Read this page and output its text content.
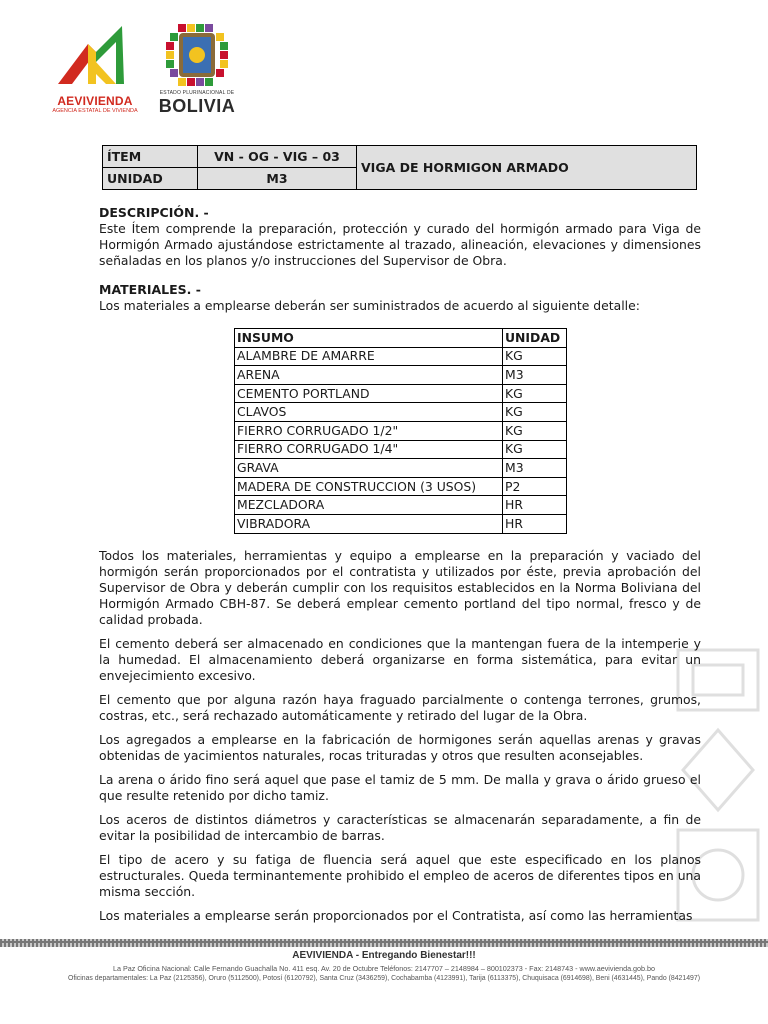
AEVIVIENDA
AGENCIA ESTATAL DE VIVIENDA
ESTADO PLURINACIONAL DE
BOLIVIA
ÍTEM	VN - OG - VIG – 03	VIGA DE HORMIGON ARMADO
UNIDAD	M3	
DESCRIPCIÓN. -

Este Ítem comprende la preparación, protección y curado del hormigón armado para Viga de Hormigón Armado ajustándose estrictamente al trazado, alineación, elevaciones y dimensiones señaladas en los planos y/o instrucciones del Supervisor de Obra.

MATERIALES. -

Los materiales a emplearse deberán ser suministrados de acuerdo al siguiente detalle:

INSUMO	UNIDAD
ALAMBRE DE AMARRE	KG
ARENA	M3
CEMENTO PORTLAND	KG
CLAVOS	KG
FIERRO CORRUGADO 1/2"	KG
FIERRO CORRUGADO 1/4"	KG
GRAVA	M3
MADERA DE CONSTRUCCION (3 USOS)	P2
MEZCLADORA	HR
VIBRADORA	HR

Todos los materiales, herramientas y equipo a emplearse en la preparación y vaciado del hormigón serán proporcionados por el contratista y utilizados por éste, previa aprobación del Supervisor de Obra y deberán cumplir con los requisitos establecidos en la Norma Boliviana del Hormigón Armado CBH-87. Se deberá emplear cemento portland del tipo normal, fresco y de calidad probada.

El cemento deberá ser almacenado en condiciones que la mantengan fuera de la intemperie y la humedad. El almacenamiento deberá organizarse en forma sistemática, para evitar un envejecimiento excesivo.

El cemento que por alguna razón haya fraguado parcialmente o contenga terrones, grumos, costras, etc., será rechazado automáticamente y retirado del lugar de la Obra.

Los agregados a emplearse en la fabricación de hormigones serán aquellas arenas y gravas obtenidas de yacimientos naturales, rocas trituradas y otros que resulten aconsejables.

La arena o árido fino será aquel que pase el tamiz de 5 mm. De malla y grava o árido grueso el que resulte retenido por dicho tamiz.

Los aceros de distintos diámetros y características se almacenarán separadamente, a fin de evitar la posibilidad de intercambio de barras.

El tipo de acero y su fatiga de fluencia será aquel que este especificado en los planos estructurales. Queda terminantemente prohibido el empleo de aceros de diferentes tipos en una misma sección.

Los materiales a emplearse serán proporcionados por el Contratista, así como las herramientas

AEVIVIENDA - Entregando Bienestar!!!
La Paz Oficina Nacional: Calle Fernando Guachalla No. 411 esq. Av. 20 de Octubre Teléfonos: 2147707 – 2148984 – 800102373 - Fax: 2148743 - www.aevivienda.gob.bo
Oficinas departamentales: La Paz (2125356), Oruro (5112500), Potosí (6120792), Santa Cruz (3436259), Cochabamba (4123991), Tarija (6113375), Chuquisaca (6914698), Beni (4631445), Pando (8421497)
